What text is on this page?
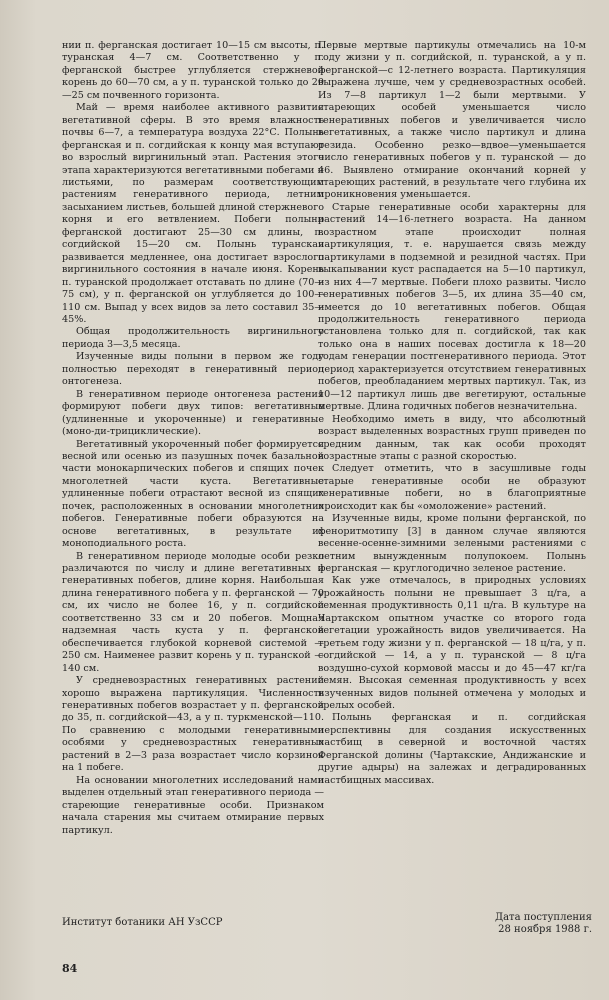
нии п. ферганская достигает 10—15 см высоты, п. туранская 4—7 см. Соответственно у п. ферганской быстрее углубляется стержневой корень до 60—70 см, а у п. туранской только до 20—25 см почвенного горизонта.

Май — время наиболее активного развития вегетативной сферы. В это время влажность почвы 6—7, а температура воздуха 22°С. Полынь ферганская и п. согдийская к концу мая вступают во взрослый виргинильный этап. Растения этого этапа характеризуются вегетативными побегами и листьями, по размерам соответствующим растениям генеративного периода, летним засыханием листьев, большей длиной стержневого корня и его ветвлением. Побеги полыни ферганской достигают 25—30 см длины, п. согдийской 15—20 см. Полынь туранская развивается медленнее, она достигает взрослого виргинильного состояния в начале июня. Корень п. туранской продолжает отставать по длине (70—75 см), у п. ферганской он углубляется до 100—110 см. Выпад у всех видов за лето составил 35—45%.

Общая продолжительность виргинильного периода 3—3,5 месяца.

Изученные виды полыни в первом же году полностью переходят в генеративный период онтогенеза.

В генеративном периоде онтогенеза растения формируют побеги двух типов: вегетативные (удлиненные и укороченные) и генеративные (моно-ди-трициклические).

Вегетативный укороченный побег формируется весной или осенью из пазушных почек базальной части монокарпических побегов и спящих почек многолетней части куста. Вегетативные удлиненные побеги отрастают весной из спящих почек, расположенных в основании многолетних побегов. Генеративные побеги образуются на основе вегетативных, в результате их моноподиального роста.

В генеративном периоде молодые особи резко различаются по числу и длине вегетативных и генеративных побегов, длине корня. Наибольшая длина генеративного побега у п. ферганской — 70 см, их число не более 16, у п. согдийской соответственно 33 см и 20 побегов. Мощная надземная часть куста у п. ферганской обеспечивается глубокой корневой системой — 250 см. Наименее развит корень у п. туранской — 140 см.

У средневозрастных генеративных растений хорошо выражена партикуляция. Численность генеративных побегов возрастает у п. ферганской до 35, п. согдийской—43, а у п. туркменской—110. По сравнению с молодыми генеративными особями у средневозрастных генеративных растений в 2—3 раза возрастает число корзинок на 1 побеге.

На основании многолетних исследований нами выделен отдельный этап генеративного периода — стареющие генеративные особи. Признаком начала старения мы считаем отмирание первых партикул.

Первые мертвые партикулы отмечались на 10-м году жизни у п. согдийской, п. туранской, а у п. ферганской—с 12-летнего возраста. Партикуляция выражена лучше, чем у средневозрастных особей. Из 7—8 партикул 1—2 были мертвыми. У стареющих особей уменьшается число генеративных побегов и увеличивается число вегетативных, а также число партикул и длина резида. Особенно резко—вдвое—уменьшается число генеративных побегов у п. туранской — до 46. Выявлено отмирание окончаний корней у стареющих растений, в результате чего глубина их проникновения уменьшается.

Старые генеративные особи характерны для растений 14—16-летнего возраста. На данном возрастном этапе происходит полная партикуляция, т. е. нарушается связь между партикулами в подземной и резидной частях. При выкапывании куст распадается на 5—10 партикул, из них 4—7 мертвые. Побеги плохо развиты. Число генеративных побегов 3—5, их длина 35—40 см, имеется до 10 вегетативных побегов. Общая продолжительность генеративного периода установлена только для п. согдийской, так как только она в наших посевах достигла к 18—20 годам генерации постгенеративного периода. Этот период характеризуется отсутствием генеративных побегов, преобладанием мертвых партикул. Так, из 10—12 партикул лишь две вегетируют, остальные мертвые. Длина годичных побегов незначительна.

Необходимо иметь в виду, что абсолютный возраст выделенных возрастных групп приведен по средним данным, так как особи проходят возрастные этапы с разной скоростью.

Следует отметить, что в засушливые годы старые генеративные особи не образуют генеративные побеги, но в благоприятные происходит как бы «омоложение» растений.

Изученные виды, кроме полыни ферганской, по фенoритмотипу [3] в данном случае являются весенне-осенне-зимними зелеными растениями с летним вынужденным полупокоем. Полынь ферганская — круглогодично зеленое растение.

Как уже отмечалось, в природных условиях урожайность полыни не превышает 3 ц/га, а семенная продуктивность 0,11 ц/га. В культуре на Чартакском опытном участке со второго года вегетации урожайность видов увеличивается. На третьем году жизни у п. ферганской — 18 ц/га, у п. согдийской — 14, а у п. туранской — 8 ц/га воздушно-сухой кормовой массы и до 45—47 кг/га семян. Высокая семенная продуктивность у всех изученных видов полыней отмечена у молодых и зрелых особей.

Полынь ферганская и п. согдийская перспективны для создания искусственных пастбищ в северной и восточной частях Ферганской долины (Чартакские, Андижанские и другие адыры) на залежах и деградированных пастбищных массивах.

Институт ботаники АН УзССР	Дата поступления
28 ноября 1988 г.
84
